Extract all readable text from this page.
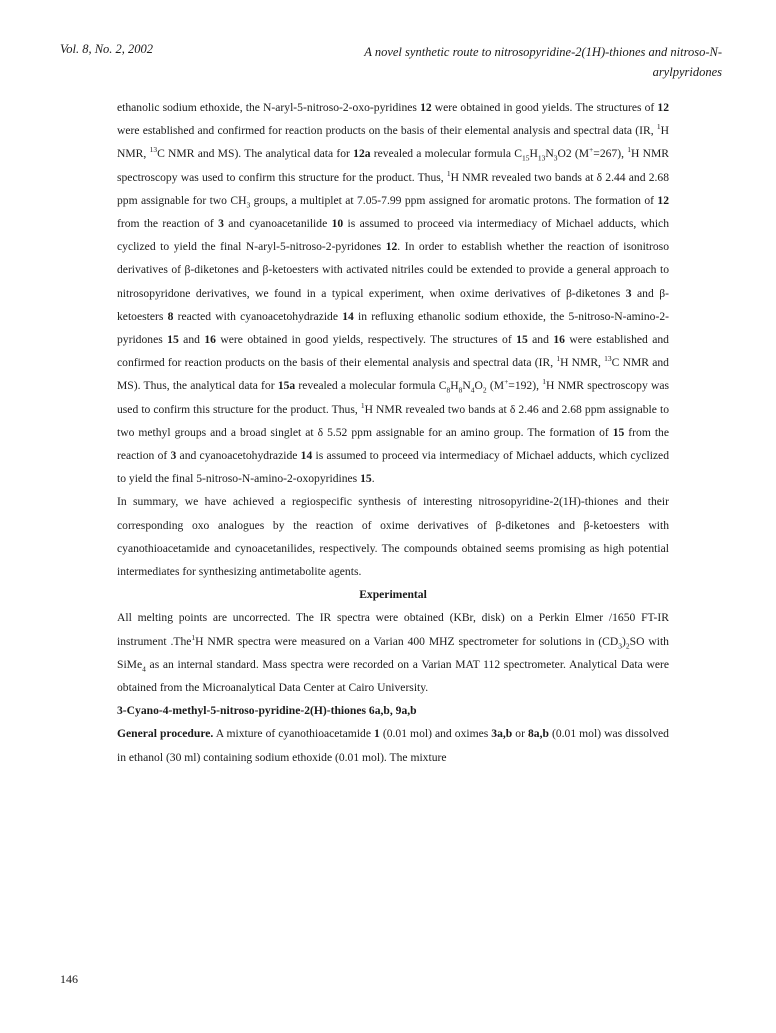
Vol. 8, No. 2, 2002	A novel synthetic route to nitrosopyridine-2(1H)-thiones and nitroso-N-arylpyridones

ethanolic sodium ethoxide, the N-aryl-5-nitroso-2-oxo-pyridines 12 were obtained in good yields. The structures of 12 were established and confirmed for reaction products on the basis of their elemental analysis and spectral data (IR, $^1$H NMR, $^{13}$C NMR and MS). The analytical data for 12a revealed a molecular formula $C_{15}H_{13}N_3O2$ (M+=267), $^1$H NMR spectroscopy was used to confirm this structure for the product. Thus, $^1$H NMR revealed two bands at δ 2.44 and 2.68 ppm assignable for two $CH_3$ groups, a multiplet at 7.05-7.99 ppm assigned for aromatic protons. The formation of 12 from the reaction of 3 and cyanoacetanilide 10 is assumed to proceed via intermediacy of Michael adducts, which cyclized to yield the final N-aryl-5-nitroso-2-pyridones 12. In order to establish whether the reaction of isonitroso derivatives of β-diketones and β-ketoesters with activated nitriles could be extended to provide a general approach to nitrosopyridone derivatives, we found in a typical experiment, when oxime derivatives of β-diketones 3 and β-ketoesters 8 reacted with cyanoacetohydrazide 14 in refluxing ethanolic sodium ethoxide, the 5-nitroso-N-amino-2-pyridones 15 and 16 were obtained in good yields, respectively. The structures of 15 and 16 were established and confirmed for reaction products on the basis of their elemental analysis and spectral data (IR, $^1$H NMR, $^{13}$C NMR and MS). Thus, the analytical data for 15a revealed a molecular formula $C_8H_8N_4O_2$ (M+=192), $^1$H NMR spectroscopy was used to confirm this structure for the product. Thus, $^1$H NMR revealed two bands at δ 2.46 and 2.68 ppm assignable to two methyl groups and a broad singlet at δ 5.52 ppm assignable for an amino group. The formation of 15 from the reaction of 3 and cyanoacetohydrazide 14 is assumed to proceed via intermediacy of Michael adducts, which cyclized to yield the final 5-nitroso-N-amino-2-oxopyridines 15.

In summary, we have achieved a regiospecific synthesis of interesting nitrosopyridine-2(1H)-thiones and their corresponding oxo analogues by the reaction of oxime derivatives of β-diketones and β-ketoesters with cyanothioacetamide and cynoacetanilides, respectively. The compounds obtained seems promising as high potential intermediates for synthesizing antimetabolite agents.

Experimental

All melting points are uncorrected. The IR spectra were obtained (KBr, disk) on a Perkin Elmer /1650 FT-IR instrument .The$^1$H NMR spectra were measured on a Varian 400 MHZ spectrometer for solutions in $(CD_3)_2SO$ with SiMe$_4$ as an internal standard. Mass spectra were recorded on a Varian MAT 112 spectrometer. Analytical Data were obtained from the Microanalytical Data Center at Cairo University.

3-Cyano-4-methyl-5-nitroso-pyridine-2(H)-thiones 6a,b, 9a,b

General procedure. A mixture of cyanothioacetamide 1 (0.01 mol) and oximes 3a,b or 8a,b (0.01 mol) was dissolved in ethanol (30 ml) containing sodium ethoxide (0.01 mol). The mixture

146
